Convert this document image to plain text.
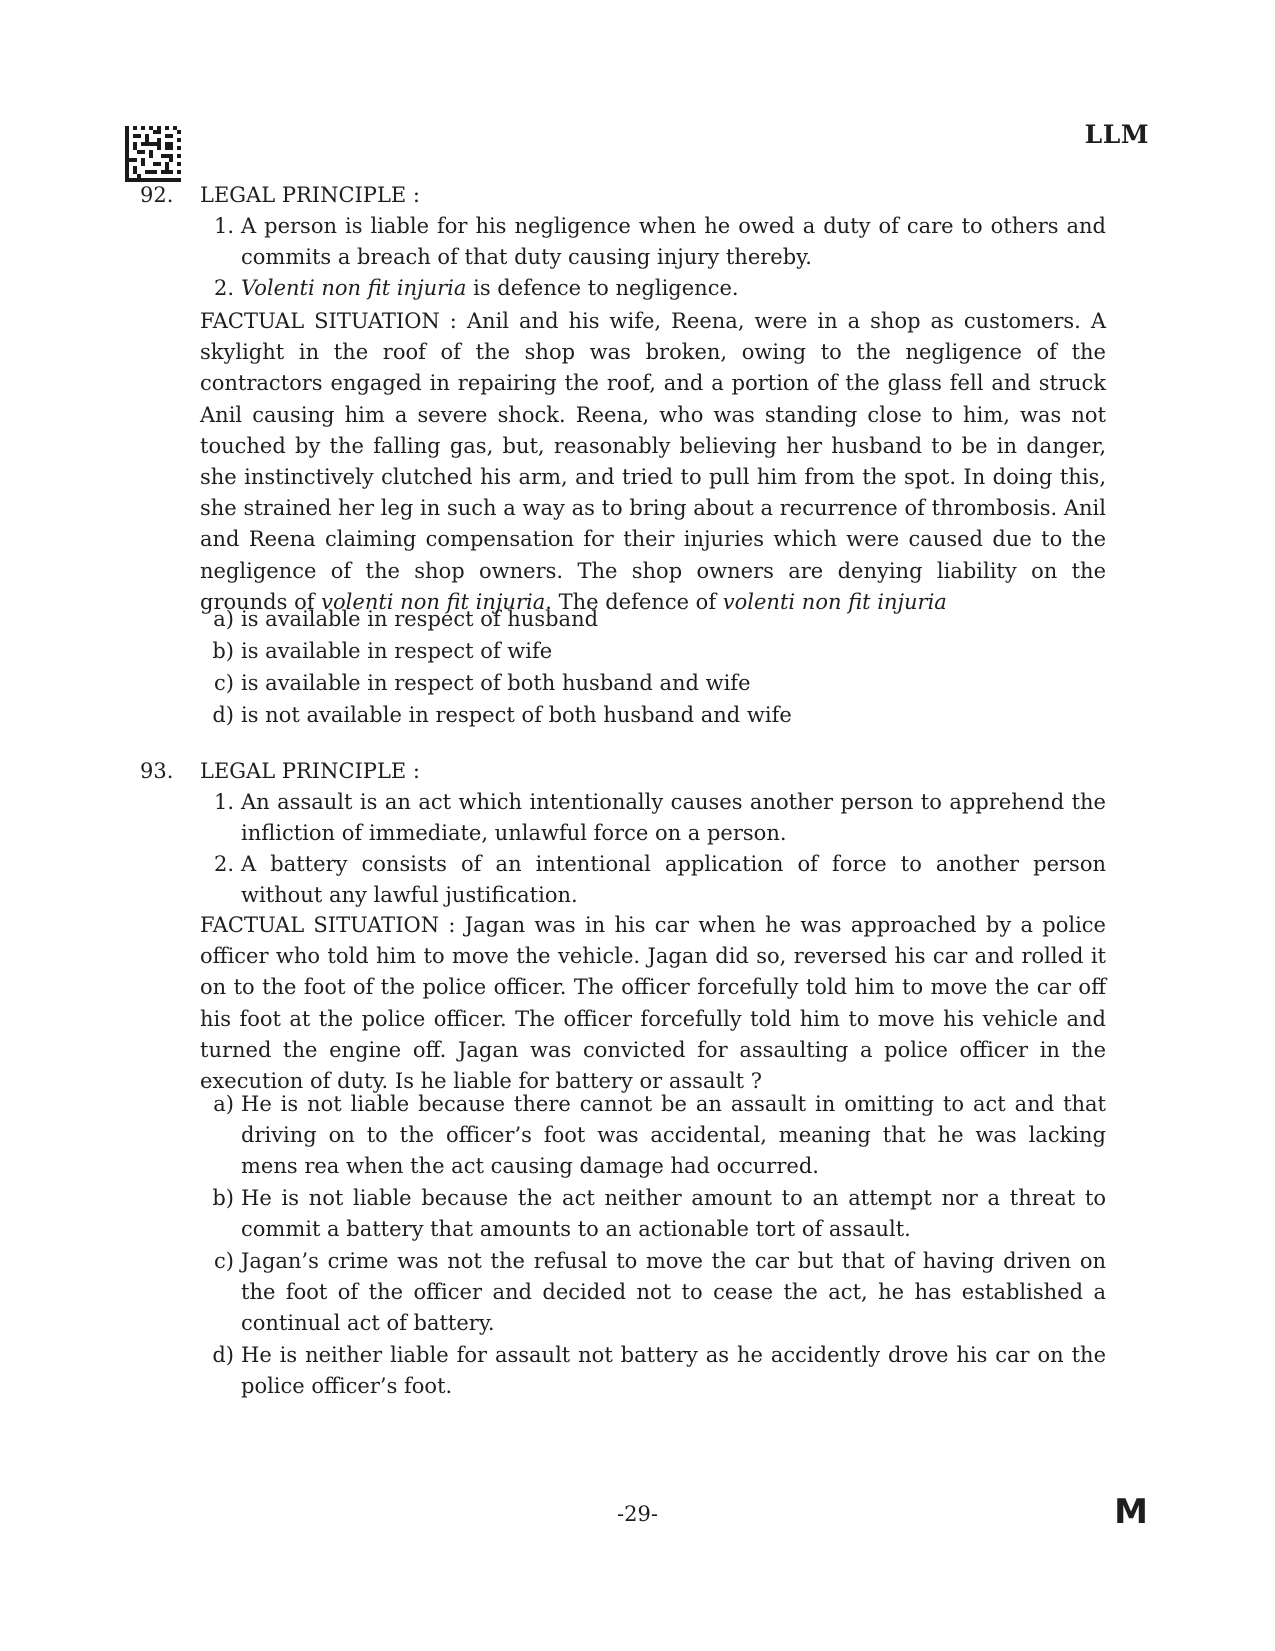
LLM
92. LEGAL PRINCIPLE :
1. A person is liable for his negligence when he owed a duty of care to others and commits a breach of that duty causing injury thereby.
2. Volenti non fit injuria is defence to negligence.

FACTUAL SITUATION : Anil and his wife, Reena, were in a shop as customers. A skylight in the roof of the shop was broken, owing to the negligence of the contractors engaged in repairing the roof, and a portion of the glass fell and struck Anil causing him a severe shock. Reena, who was standing close to him, was not touched by the falling gas, but, reasonably believing her husband to be in danger, she instinctively clutched his arm, and tried to pull him from the spot. In doing this, she strained her leg in such a way as to bring about a recurrence of thrombosis. Anil and Reena claiming compensation for their injuries which were caused due to the negligence of the shop owners. The shop owners are denying liability on the grounds of volenti non fit injuria. The defence of volenti non fit injuria

a) is available in respect of husband
b) is available in respect of wife
c) is available in respect of both husband and wife
d) is not available in respect of both husband and wife
93. LEGAL PRINCIPLE :
1. An assault is an act which intentionally causes another person to apprehend the infliction of immediate, unlawful force on a person.
2. A battery consists of an intentional application of force to another person without any lawful justification.

FACTUAL SITUATION : Jagan was in his car when he was approached by a police officer who told him to move the vehicle. Jagan did so, reversed his car and rolled it on to the foot of the police officer. The officer forcefully told him to move the car off his foot at the police officer. The officer forcefully told him to move his vehicle and turned the engine off. Jagan was convicted for assaulting a police officer in the execution of duty. Is he liable for battery or assault ?

a) He is not liable because there cannot be an assault in omitting to act and that driving on to the officer’s foot was accidental, meaning that he was lacking mens rea when the act causing damage had occurred.
b) He is not liable because the act neither amount to an attempt nor a threat to commit a battery that amounts to an actionable tort of assault.
c) Jagan’s crime was not the refusal to move the car but that of having driven on the foot of the officer and decided not to cease the act, he has established a continual act of battery.
d) He is neither liable for assault not battery as he accidently drove his car on the police officer’s foot.
-29-	M
